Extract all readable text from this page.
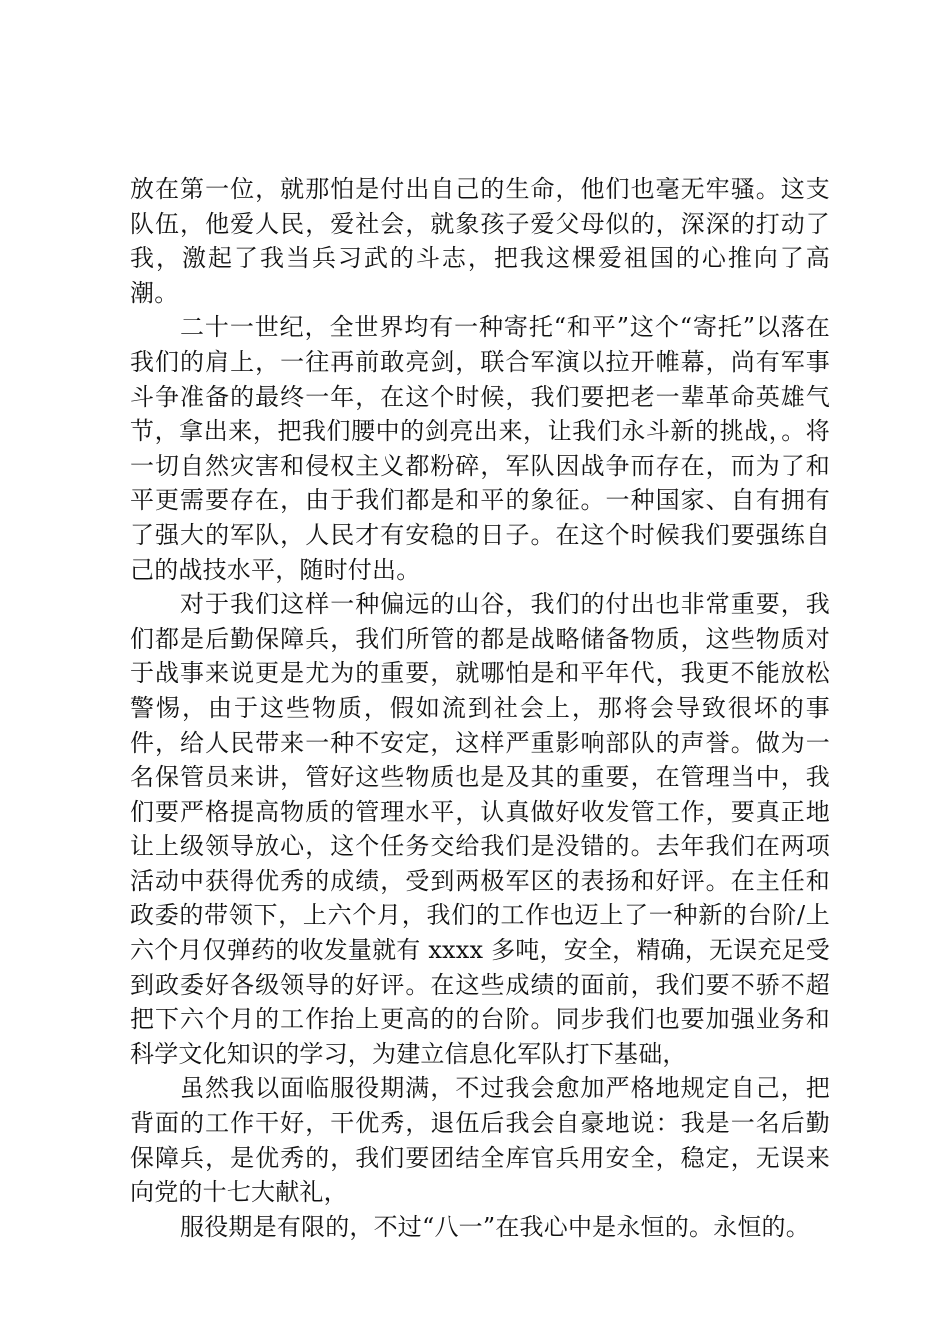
放在第一位，就那怕是付出自己的生命，他们也毫无牢骚。这支队伍，他爱人民，爱社会，就象孩子爱父母似的，深深的打动了我，激起了我当兵习武的斗志，把我这棵爱祖国的心推向了高潮。

二十一世纪，全世界均有一种寄托“和平”这个“寄托”以落在我们的肩上，一往再前敢亮剑，联合军演以拉开帷幕，尚有军事斗争准备的最终一年，在这个时候，我们要把老一辈革命英雄气节，拿出来，把我们腰中的剑亮出来，让我们永斗新的挑战，。将一切自然灾害和侵权主义都粉碎，军队因战争而存在，而为了和平更需要存在，由于我们都是和平的象征。一种国家、自有拥有了强大的军队，人民才有安稳的日子。在这个时候我们要强练自己的战技水平，随时付出。

对于我们这样一种偏远的山谷，我们的付出也非常重要，我们都是后勤保障兵，我们所管的都是战略储备物质，这些物质对于战事来说更是尤为的重要，就哪怕是和平年代，我更不能放松警惕，由于这些物质，假如流到社会上，那将会导致很坏的事件，给人民带来一种不安定，这样严重影响部队的声誉。做为一名保管员来讲，管好这些物质也是及其的重要，在管理当中，我们要严格提高物质的管理水平，认真做好收发管工作，要真正地让上级领导放心，这个任务交给我们是没错的。去年我们在两项活动中获得优秀的成绩，受到两极军区的表扬和好评。在主任和政委的带领下，上六个月，我们的工作也迈上了一种新的台阶/上六个月仅弹药的收发量就有 xxxx 多吨，安全，精确，无误充足受到政委好各级领导的好评。在这些成绩的面前，我们要不骄不超把下六个月的工作抬上更高的的台阶。同步我们也要加强业务和科学文化知识的学习，为建立信息化军队打下基础，

虽然我以面临服役期满，不过我会愈加严格地规定自己，把背面的工作干好，干优秀，退伍后我会自豪地说：我是一名后勤保障兵，是优秀的，我们要团结全库官兵用安全，稳定，无误来向党的十七大献礼，

服役期是有限的，不过“八一”在我心中是永恒的。永恒的。
